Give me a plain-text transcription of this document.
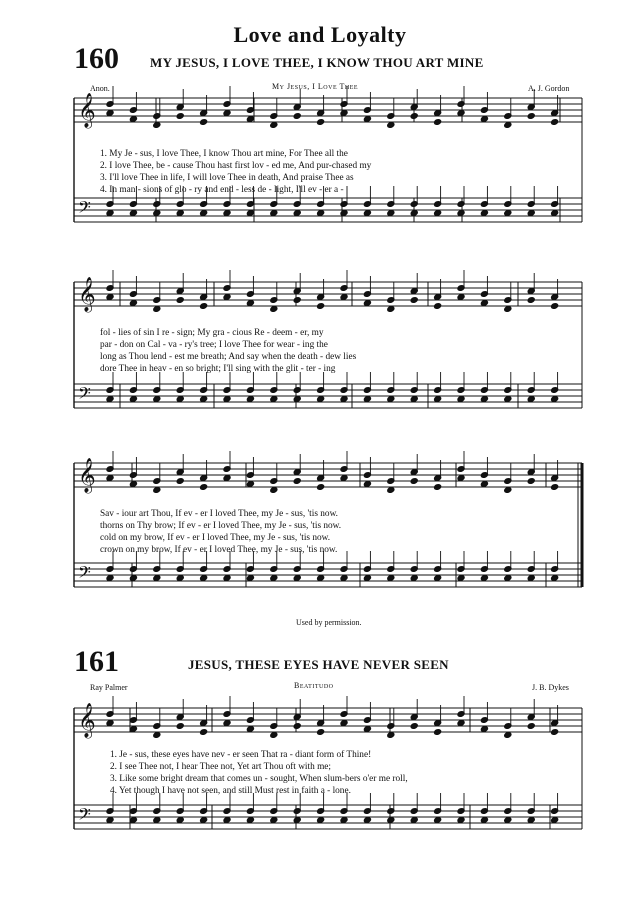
Love and Loyalty
160 MY JESUS, I LOVE THEE, I KNOW THOU ART MINE
Anon.	My Jesus, I Love Thee	A. J. Gordon
𝄞
𝄢
𝄞
𝄢
𝄞
𝄢
𝄞
𝄢
1. My Je - sus, I love Thee, I know Thou art mine, For Thee all the
2. I love Thee, be - cause Thou hast first lov - ed me, And pur-chased my
3. I'll love Thee in life, I will love Thee in death, And praise Thee as
4. In man - sions of glo - ry and end - less de - light, I'll ev - er a -
fol - lies of sin I re - sign; My gra - cious Re - deem - er, my
par - don on Cal - va - ry's tree; I love Thee for wear - ing the
long as Thou lend - est me breath; And say when the death - dew lies
dore Thee in heav - en so bright; I'll sing with the glit - ter - ing
Sav - iour art Thou, If ev - er I loved Thee, my Je - sus, 'tis now.
thorns on Thy brow; If ev - er I loved Thee, my Je - sus, 'tis now.
cold on my brow, If ev - er I loved Thee, my Je - sus, 'tis now.
crown on my brow, If ev - er I loved Thee, my Je - sus, 'tis now.
Used by permission.
161	JESUS, THESE EYES HAVE NEVER SEEN
Ray Palmer	Beatitudo	J. B. Dykes
1. Je - sus, these eyes have nev - er seen That ra - diant form of Thine!
2. I see Thee not, I hear Thee not, Yet art Thou oft with me;
3. Like some bright dream that comes un - sought, When slum-bers o'er me roll,
4. Yet though I have not seen, and still Must rest in faith a - lone.
